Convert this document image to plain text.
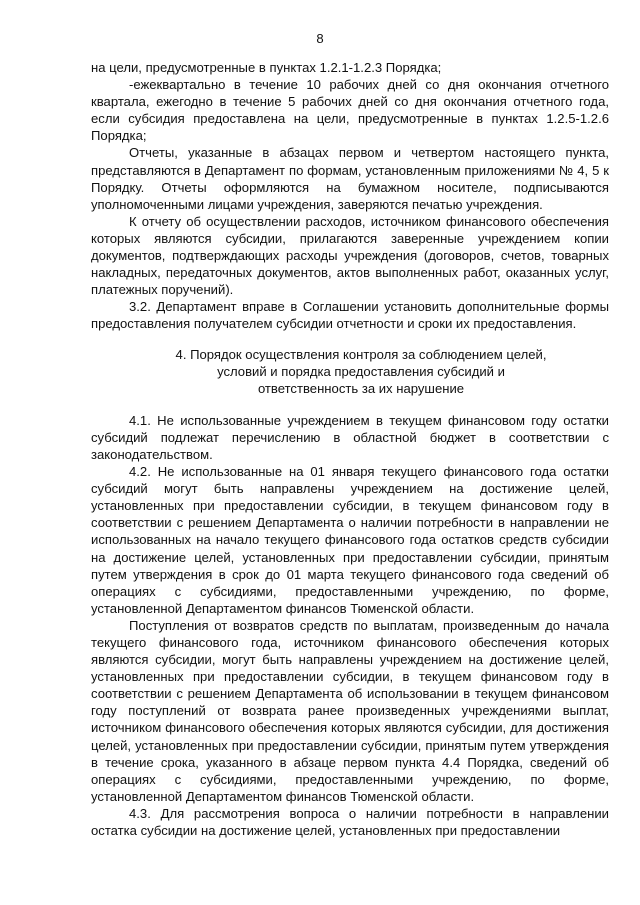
8

на цели, предусмотренные в пунктах 1.2.1-1.2.3 Порядка;

-ежеквартально в течение 10 рабочих дней со дня окончания отчетного квартала, ежегодно в течение 5 рабочих дней со дня окончания отчетного года, если субсидия предоставлена на цели, предусмотренные в пунктах 1.2.5-1.2.6 Порядка;

Отчеты, указанные в абзацах первом и четвертом настоящего пункта, представляются в Департамент по формам, установленным приложениями № 4, 5 к Порядку. Отчеты оформляются на бумажном носителе, подписываются уполномоченными лицами учреждения, заверяются печатью учреждения.

К отчету об осуществлении расходов, источником финансового обеспечения которых являются субсидии, прилагаются заверенные учреждением копии документов, подтверждающих расходы учреждения (договоров, счетов, товарных накладных, передаточных документов, актов выполненных работ, оказанных услуг, платежных поручений).

3.2. Департамент вправе в Соглашении установить дополнительные формы предоставления получателем субсидии отчетности и сроки их предоставления.

4. Порядок осуществления контроля за соблюдением целей,
условий и порядка предоставления субсидий и
ответственность за их нарушение

4.1. Не использованные учреждением в текущем финансовом году остатки субсидий подлежат перечислению в областной бюджет в соответствии с законодательством.

4.2. Не использованные на 01 января текущего финансового года остатки субсидий могут быть направлены учреждением на достижение целей, установленных при предоставлении субсидии, в текущем финансовом году в соответствии с решением Департамента о наличии потребности в направлении не использованных на начало текущего финансового года остатков средств субсидии на достижение целей, установленных при предоставлении субсидии, принятым путем утверждения в срок до 01 марта текущего финансового года сведений об операциях с субсидиями, предоставленными учреждению, по форме, установленной Департаментом финансов Тюменской области.

Поступления от возвратов средств по выплатам, произведенным до начала текущего финансового года, источником финансового обеспечения которых являются субсидии, могут быть направлены учреждением на достижение целей, установленных при предоставлении субсидии, в текущем финансовом году в соответствии с решением Департамента об использовании в текущем финансовом году поступлений от возврата ранее произведенных учреждениями выплат, источником финансового обеспечения которых являются субсидии, для достижения целей, установленных при предоставлении субсидии, принятым путем утверждения в течение срока, указанного в абзаце первом пункта 4.4 Порядка, сведений об операциях с субсидиями, предоставленными учреждению, по форме, установленной Департаментом финансов Тюменской области.

4.3. Для рассмотрения вопроса о наличии потребности в направлении остатка субсидии на достижение целей, установленных при предоставлении
